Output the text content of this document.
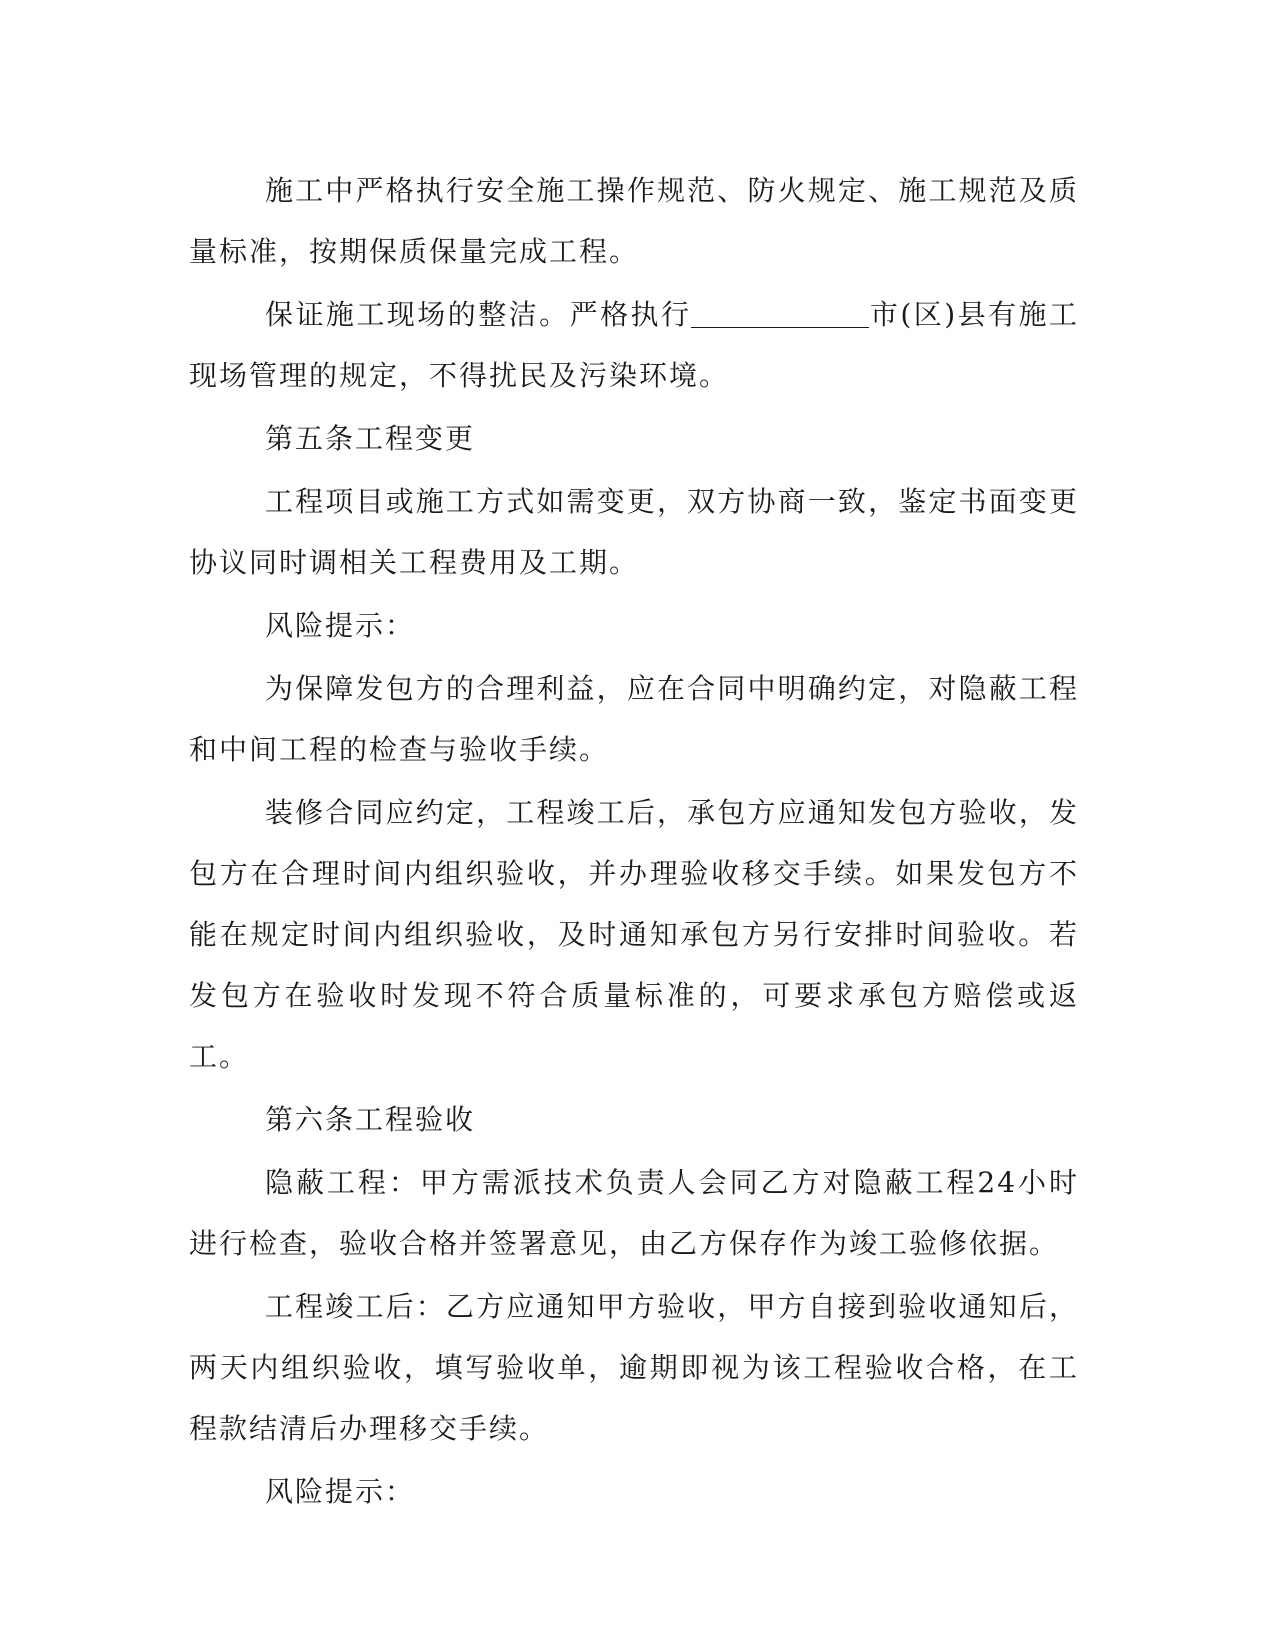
施工中严格执行安全施工操作规范、防火规定、施工规范及质量标准，按期保质保量完成工程。

保证施工现场的整洁。严格执行	市(区)县有施工现场管理的规定，不得扰民及污染环境。

第五条工程变更

工程项目或施工方式如需变更，双方协商一致，鉴定书面变更协议同时调相关工程费用及工期。

风险提示：

为保障发包方的合理利益，应在合同中明确约定，对隐蔽工程和中间工程的检查与验收手续。

装修合同应约定，工程竣工后，承包方应通知发包方验收，发包方在合理时间内组织验收，并办理验收移交手续。如果发包方不能在规定时间内组织验收，及时通知承包方另行安排时间验收。若发包方在验收时发现不符合质量标准的，可要求承包方赔偿或返工。

第六条工程验收

隐蔽工程：甲方需派技术负责人会同乙方对隐蔽工程24小时进行检查，验收合格并签署意见，由乙方保存作为竣工验修依据。

工程竣工后：乙方应通知甲方验收，甲方自接到验收通知后，两天内组织验收，填写验收单，逾期即视为该工程验收合格，在工程款结清后办理移交手续。

风险提示：
